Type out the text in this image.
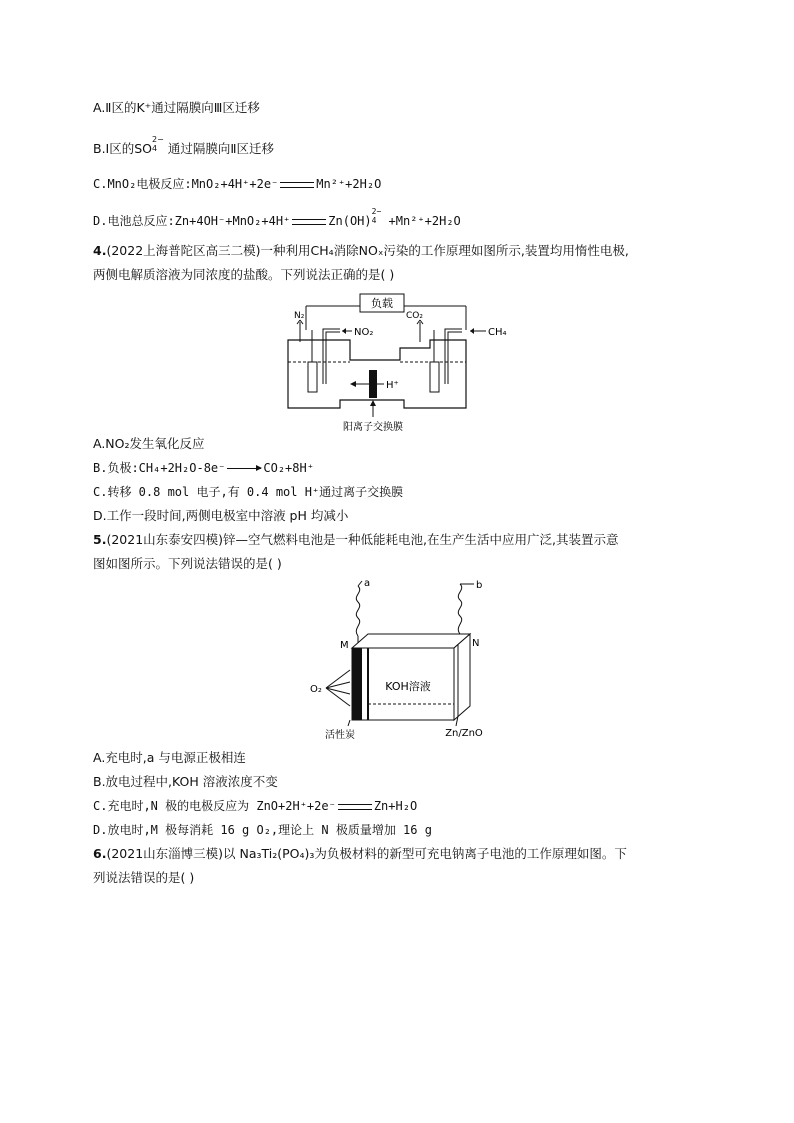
A.Ⅱ区的K⁺通过隔膜向Ⅲ区迁移
B.Ⅰ区的SO2−
4 通过隔膜向Ⅱ区迁移
C.MnO₂电极反应:MnO₂+4H⁺+2e⁻	Mn²⁺+2H₂O
D.电池总反应:Zn+4OH⁻+MnO₂+4H⁺	Zn(OH)2−
4 +Mn²⁺+2H₂O
4.(2022上海普陀区高三二模)一种利用CH₄消除NOₓ污染的工作原理如图所示,装置均用惰性电极,
两侧电解质溶液为同浓度的盐酸。下列说法正确的是( )
负载
N₂	CO₂
NO₂	CH₄
H⁺
阳离子交换膜
A.NO₂发生氧化反应
B.负极:CH₄+2H₂O-8e⁻	CO₂+8H⁺
C.转移 0.8 mol 电子,有 0.4 mol H⁺通过离子交换膜
D.工作一段时间,两侧电极室中溶液 pH 均减小
5.(2021山东泰安四模)锌—空气燃料电池是一种低能耗电池,在生产生活中应用广泛,其装置示意
图如图所示。下列说法错误的是( )
a	b
KOH溶液
M	N
O₂
活性炭	Zn/ZnO
A.充电时,a 与电源正极相连
B.放电过程中,KOH 溶液浓度不变
C.充电时,N 极的电极反应为 ZnO+2H⁺+2e⁻	Zn+H₂O
D.放电时,M 极每消耗 16 g O₂,理论上 N 极质量增加 16 g
6.(2021山东淄博三模)以 Na₃Ti₂(PO₄)₃为负极材料的新型可充电钠离子电池的工作原理如图。下
列说法错误的是( )
